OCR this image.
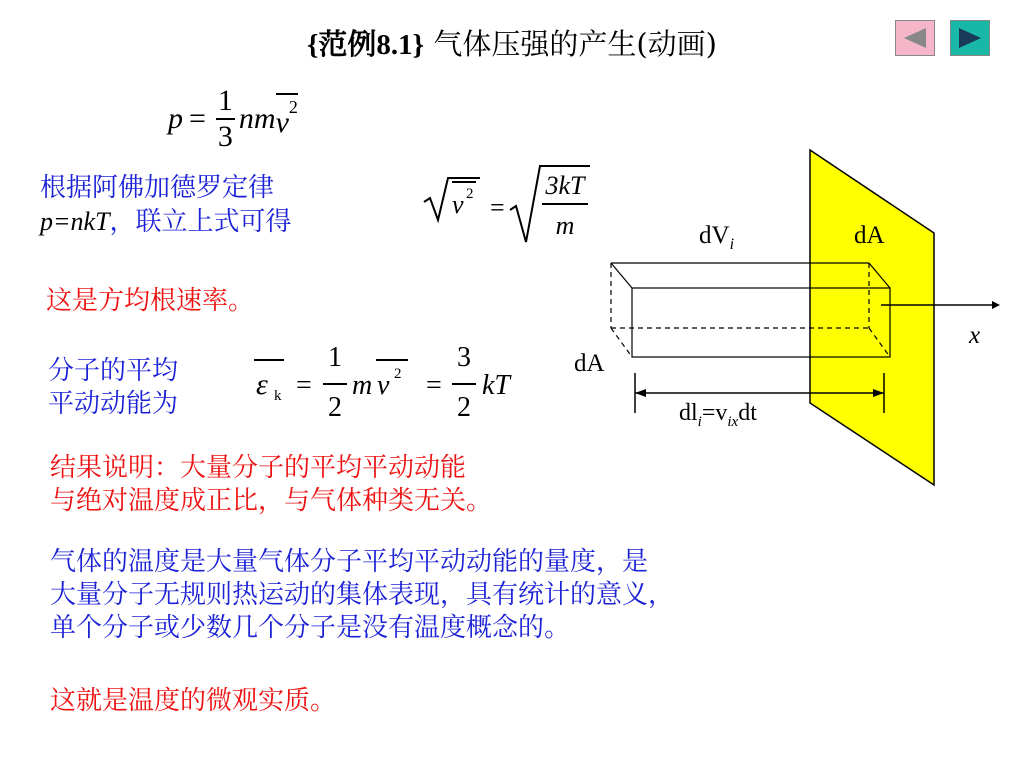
{范例8.1} 气体压强的产生(动画)
$p = \frac{1}{3}$ nm $v^2$
根据阿佛加德罗定律
p=nkT，联立上式可得
v 2 =
3kT
m
这是方均根速率。
分子的平均
平动动能为
ε k =
1
2
m v 2 =
3
2
kT
结果说明：大量分子的平均平动动能
与绝对温度成正比，与气体种类无关。
气体的温度是大量气体分子平均平动动能的量度，是
大量分子无规则热运动的集体表现，具有统计的意义，
单个分子或少数几个分子是没有温度概念的。
这就是温度的微观实质。
$dV_i$	dA
x
dA
$dl_i=v_{ix}dt$
